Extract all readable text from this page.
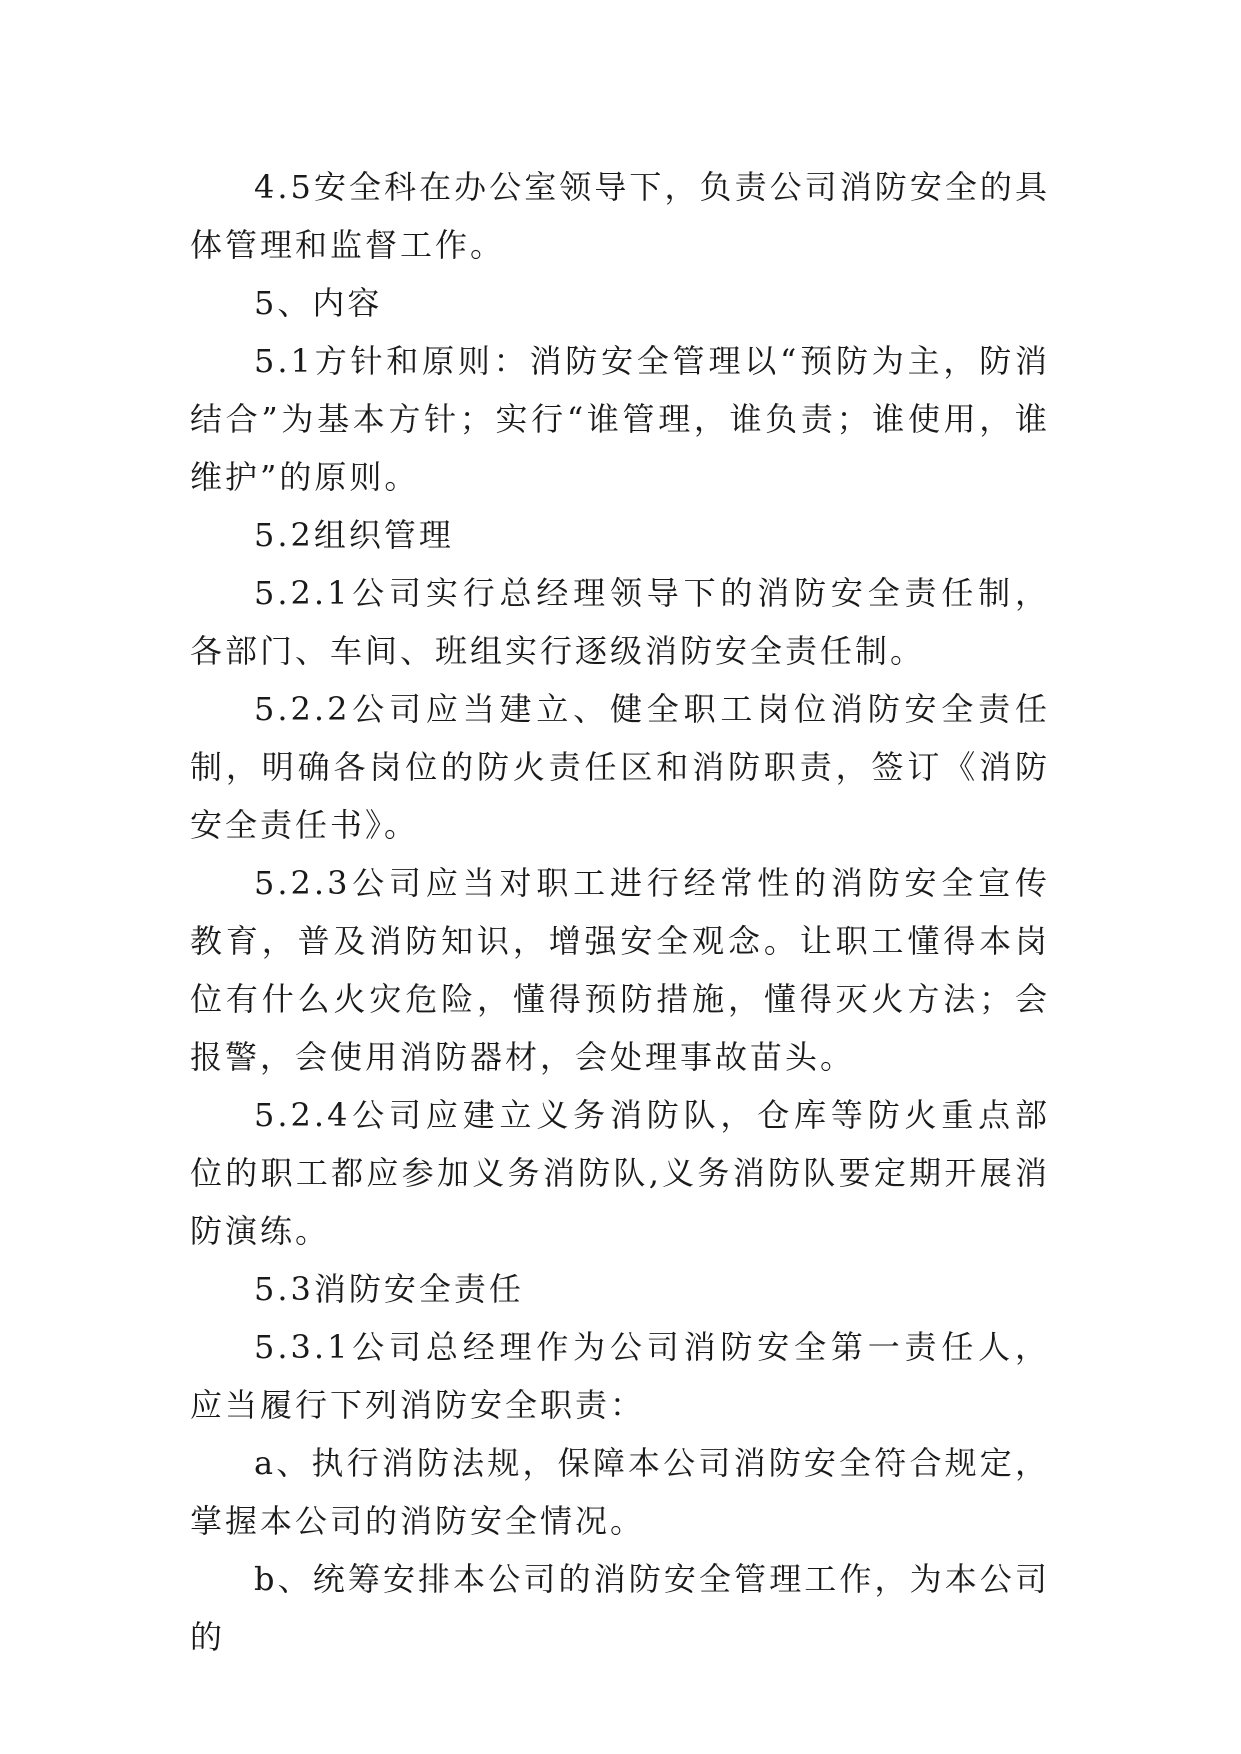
4.5安全科在办公室领导下，负责公司消防安全的具体管理和监督工作。

5、内容

5.1方针和原则：消防安全管理以“预防为主，防消结合”为基本方针；实行“谁管理，谁负责；谁使用，谁维护”的原则。

5.2组织管理

5.2.1公司实行总经理领导下的消防安全责任制，各部门、车间、班组实行逐级消防安全责任制。

5.2.2公司应当建立、健全职工岗位消防安全责任制，明确各岗位的防火责任区和消防职责，签订《消防安全责任书》。

5.2.3公司应当对职工进行经常性的消防安全宣传教育，普及消防知识，增强安全观念。让职工懂得本岗位有什么火灾危险，懂得预防措施，懂得灭火方法；会报警，会使用消防器材，会处理事故苗头。

5.2.4公司应建立义务消防队，仓库等防火重点部位的职工都应参加义务消防队,义务消防队要定期开展消防演练。

5.3消防安全责任

5.3.1公司总经理作为公司消防安全第一责任人，应当履行下列消防安全职责：

a、执行消防法规，保障本公司消防安全符合规定，掌握本公司的消防安全情况。

b、统筹安排本公司的消防安全管理工作，为本公司的
